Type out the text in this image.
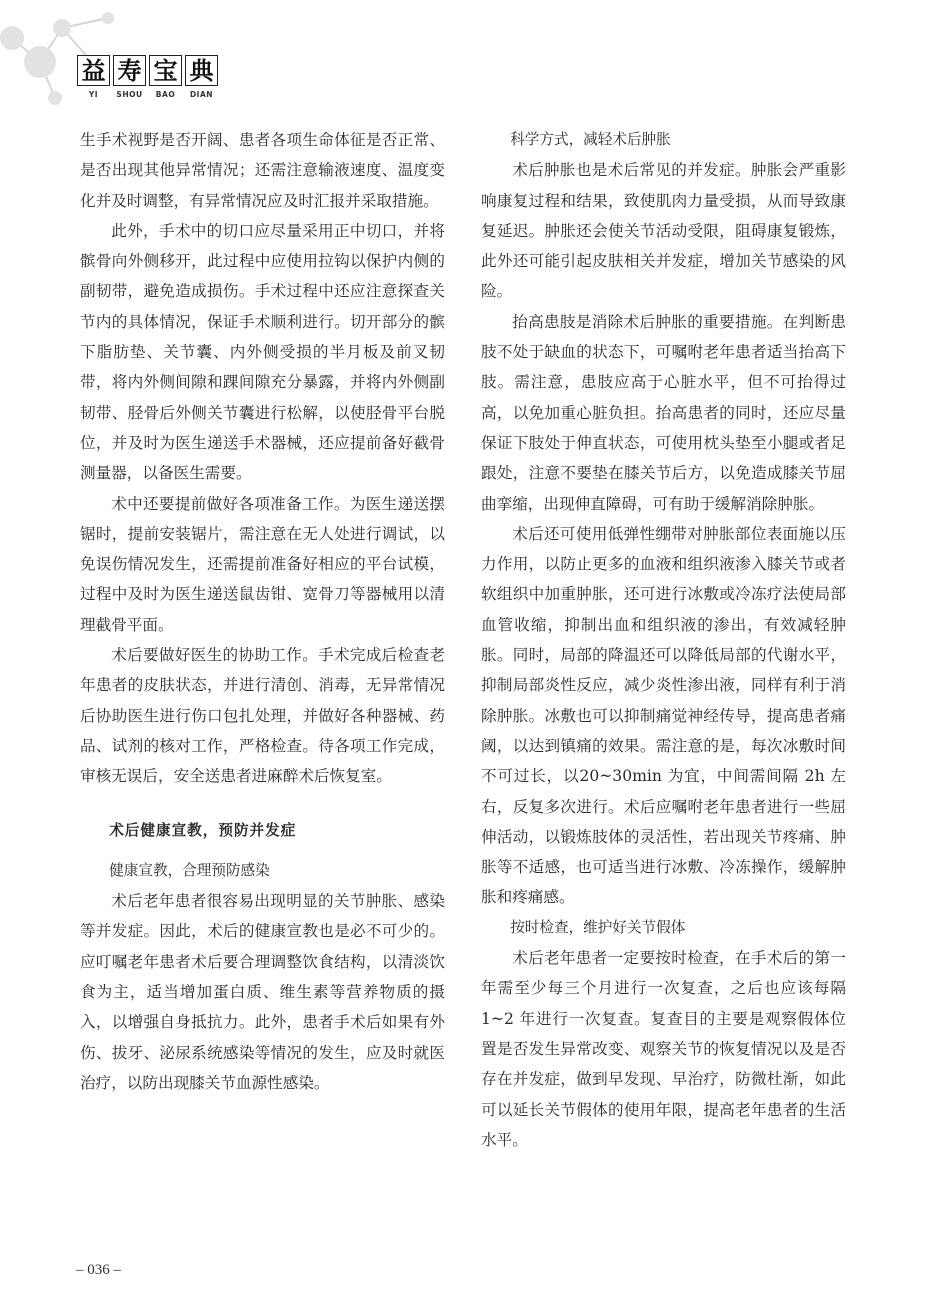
益 寿 宝 典
YI	SHOU	BAO	DIAN

生手术视野是否开阔、患者各项生命体征是否正常、是否出现其他异常情况；还需注意输液速度、温度变化并及时调整，有异常情况应及时汇报并采取措施。

此外，手术中的切口应尽量采用正中切口，并将髌骨向外侧移开，此过程中应使用拉钩以保护内侧的副韧带，避免造成损伤。手术过程中还应注意探查关节内的具体情况，保证手术顺利进行。切开部分的髌下脂肪垫、关节囊、内外侧受损的半月板及前叉韧带，将内外侧间隙和踝间隙充分暴露，并将内外侧副韧带、胫骨后外侧关节囊进行松解，以使胫骨平台脱位，并及时为医生递送手术器械，还应提前备好截骨测量器，以备医生需要。

术中还要提前做好各项准备工作。为医生递送摆锯时，提前安装锯片，需注意在无人处进行调试，以免误伤情况发生，还需提前准备好相应的平台试模，过程中及时为医生递送鼠齿钳、宽骨刀等器械用以清理截骨平面。

术后要做好医生的协助工作。手术完成后检查老年患者的皮肤状态，并进行清创、消毒，无异常情况后协助医生进行伤口包扎处理，并做好各种器械、药品、试剂的核对工作，严格检查。待各项工作完成，审核无误后，安全送患者进麻醉术后恢复室。

术后健康宣教，预防并发症

健康宣教，合理预防感染

术后老年患者很容易出现明显的关节肿胀、感染等并发症。因此，术后的健康宣教也是必不可少的。应叮嘱老年患者术后要合理调整饮食结构，以清淡饮食为主，适当增加蛋白质、维生素等营养物质的摄入，以增强自身抵抗力。此外，患者手术后如果有外伤、拔牙、泌尿系统感染等情况的发生，应及时就医治疗，以防出现膝关节血源性感染。

科学方式，减轻术后肿胀

术后肿胀也是术后常见的并发症。肿胀会严重影响康复过程和结果，致使肌肉力量受损，从而导致康复延迟。肿胀还会使关节活动受限，阻碍康复锻炼，此外还可能引起皮肤相关并发症，增加关节感染的风险。

抬高患肢是消除术后肿胀的重要措施。在判断患肢不处于缺血的状态下，可嘱咐老年患者适当抬高下肢。需注意，患肢应高于心脏水平，但不可抬得过高，以免加重心脏负担。抬高患者的同时，还应尽量保证下肢处于伸直状态，可使用枕头垫至小腿或者足跟处，注意不要垫在膝关节后方，以免造成膝关节屈曲挛缩，出现伸直障碍，可有助于缓解消除肿胀。

术后还可使用低弹性绷带对肿胀部位表面施以压力作用，以防止更多的血液和组织液渗入膝关节或者软组织中加重肿胀，还可进行冰敷或冷冻疗法使局部血管收缩，抑制出血和组织液的渗出，有效减轻肿胀。同时，局部的降温还可以降低局部的代谢水平，抑制局部炎性反应，减少炎性渗出液，同样有利于消除肿胀。冰敷也可以抑制痛觉神经传导，提高患者痛阈，以达到镇痛的效果。需注意的是，每次冰敷时间不可过长，以20~30min 为宜，中间需间隔 2h 左右，反复多次进行。术后应嘱咐老年患者进行一些屈伸活动，以锻炼肢体的灵活性，若出现关节疼痛、肿胀等不适感，也可适当进行冰敷、冷冻操作，缓解肿胀和疼痛感。

按时检查，维护好关节假体

术后老年患者一定要按时检查，在手术后的第一年需至少每三个月进行一次复查，之后也应该每隔 1~2 年进行一次复查。复查目的主要是观察假体位置是否发生异常改变、观察关节的恢复情况以及是否存在并发症，做到早发现、早治疗，防微杜渐，如此可以延长关节假体的使用年限，提高老年患者的生活水平。

– 036 –
